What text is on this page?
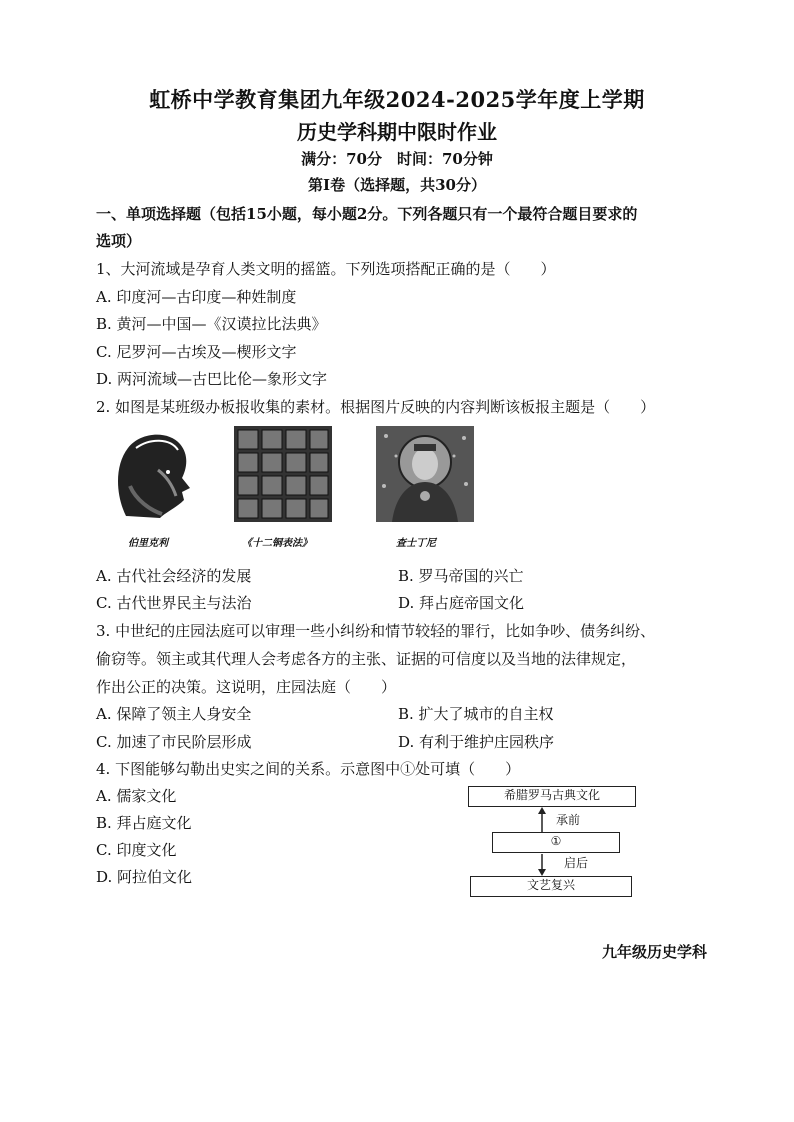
虹桥中学教育集团九年级2024-2025学年度上学期
历史学科期中限时作业
满分：70分　时间：70分钟
第Ⅰ卷（选择题，共30分）
一、单项选择题（包括15小题，每小题2分。下列各题只有一个最符合题目要求的
选项）
1、大河流域是孕育人类文明的摇篮。下列选项搭配正确的是（　　）
A. 印度河—古印度—种姓制度
B. 黄河—中国—《汉谟拉比法典》
C. 尼罗河—古埃及—楔形文字
D. 两河流域—古巴比伦—象形文字
2. 如图是某班级办板报收集的素材。根据图片反映的内容判断该板报主题是（　　）
伯里克利	《十二铜表法》	查士丁尼
A. 古代社会经济的发展	B. 罗马帝国的兴亡
C. 古代世界民主与法治	D. 拜占庭帝国文化
3. 中世纪的庄园法庭可以审理一些小纠纷和情节较轻的罪行，比如争吵、债务纠纷、
偷窃等。领主或其代理人会考虑各方的主张、证据的可信度以及当地的法律规定，
作出公正的决策。这说明，庄园法庭（　　）
A. 保障了领主人身安全	B. 扩大了城市的自主权
C. 加速了市民阶层形成	D. 有利于维护庄园秩序
4. 下图能够勾勒出史实之间的关系。示意图中①处可填（　　）
A. 儒家文化
B. 拜占庭文化
C. 印度文化
D. 阿拉伯文化
希腊罗马古典文化
承前
①
启后
文艺复兴
九年级历史学科
